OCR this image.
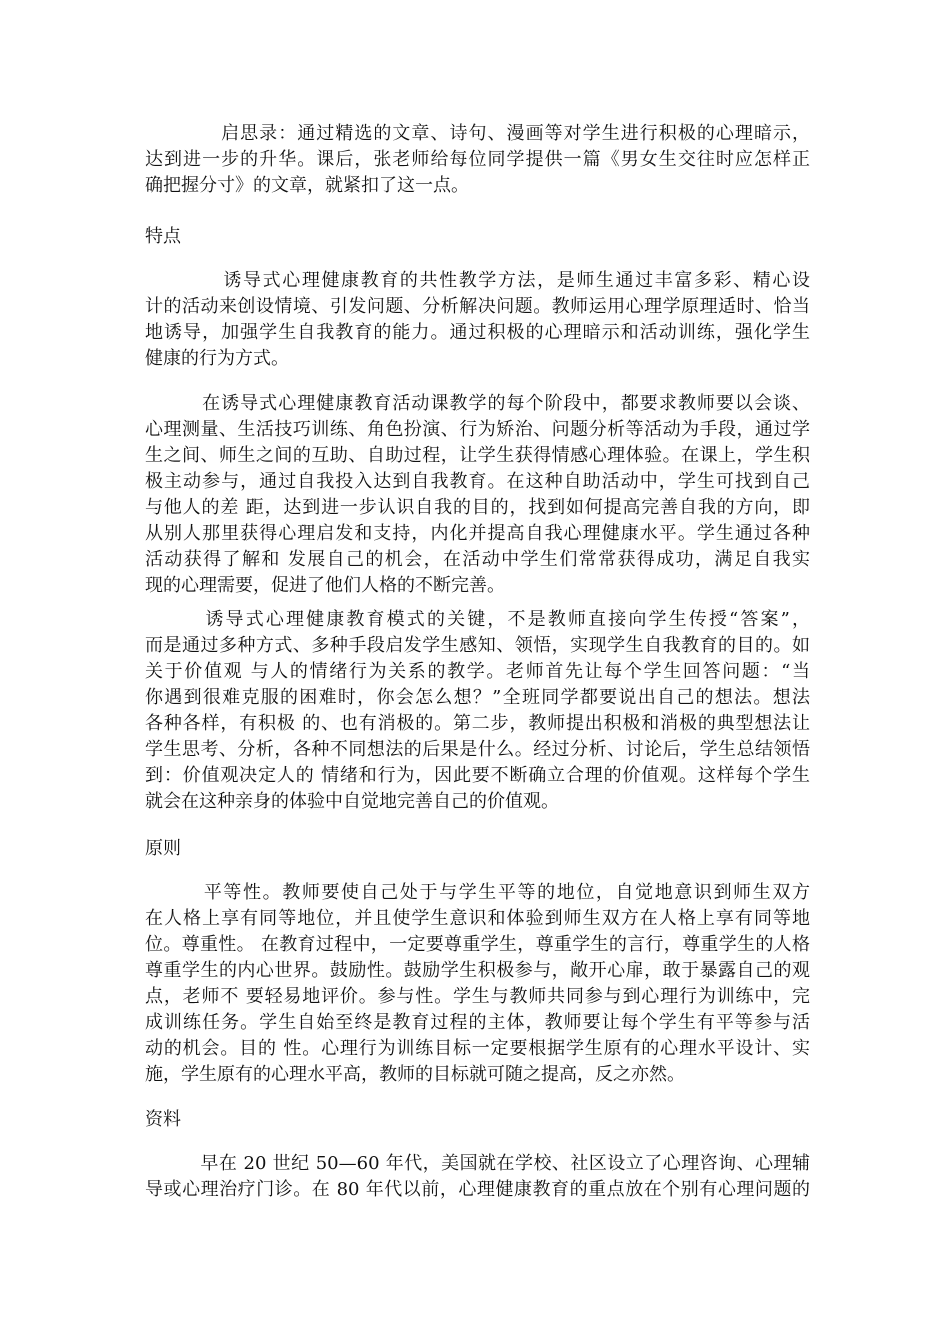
　　　　启思录：通过精选的文章、诗句、漫画等对学生进行积极的心理暗示，
达到进一步的升华。课后，张老师给每位同学提供一篇《男女生交往时应怎样正
确把握分寸》的文章，就紧扣了这一点。
特点
　　　　诱导式心理健康教育的共性教学方法，是师生通过丰富多彩、精心设
计的活动来创设情境、引发问题、分析解决问题。教师运用心理学原理适时、恰当
地诱导，加强学生自我教育的能力。通过积极的心理暗示和活动训练，强化学生
健康的行为方式。
　　　在诱导式心理健康教育活动课教学的每个阶段中，都要求教师要以会谈、
心理测量、生活技巧训练、角色扮演、行为矫治、问题分析等活动为手段，通过学
生之间、师生之间的互助、自助过程，让学生获得情感心理体验。在课上，学生积
极主动参与，通过自我投入达到自我教育。在这种自助活动中，学生可找到自己
与他人的差 距，达到进一步认识自我的目的，找到如何提高完善自我的方向，即
从别人那里获得心理启发和支持，内化并提高自我心理健康水平。学生通过各种
活动获得了解和 发展自己的机会，在活动中学生们常常获得成功，满足自我实
现的心理需要，促进了他们人格的不断完善。
　　　诱导式心理健康教育模式的关键，不是教师直接向学生传授“答案”，
而是通过多种方式、多种手段启发学生感知、领悟，实现学生自我教育的目的。如
关于价值观 与人的情绪行为关系的教学。老师首先让每个学生回答问题：“当
你遇到很难克服的困难时，你会怎么想？”全班同学都要说出自己的想法。想法
各种各样，有积极 的、也有消极的。第二步，教师提出积极和消极的典型想法让
学生思考、分析，各种不同想法的后果是什么。经过分析、讨论后，学生总结领悟
到：价值观决定人的 情绪和行为，因此要不断确立合理的价值观。这样每个学生
就会在这种亲身的体验中自觉地完善自己的价值观。
原则
　　　平等性。教师要使自己处于与学生平等的地位，自觉地意识到师生双方
在人格上享有同等地位，并且使学生意识和体验到师生双方在人格上享有同等地
位。尊重性。 在教育过程中，一定要尊重学生，尊重学生的言行，尊重学生的人格
尊重学生的内心世界。鼓励性。鼓励学生积极参与，敞开心扉，敢于暴露自己的观
点，老师不 要轻易地评价。参与性。学生与教师共同参与到心理行为训练中，完
成训练任务。学生自始至终是教育过程的主体，教师要让每个学生有平等参与活
动的机会。目的 性。心理行为训练目标一定要根据学生原有的心理水平设计、实
施，学生原有的心理水平高，教师的目标就可随之提高，反之亦然。
资料
　　　早在 20 世纪 50—60 年代，美国就在学校、社区设立了心理咨询、心理辅
导或心理治疗门诊。在 80 年代以前，心理健康教育的重点放在个别有心理问题的
